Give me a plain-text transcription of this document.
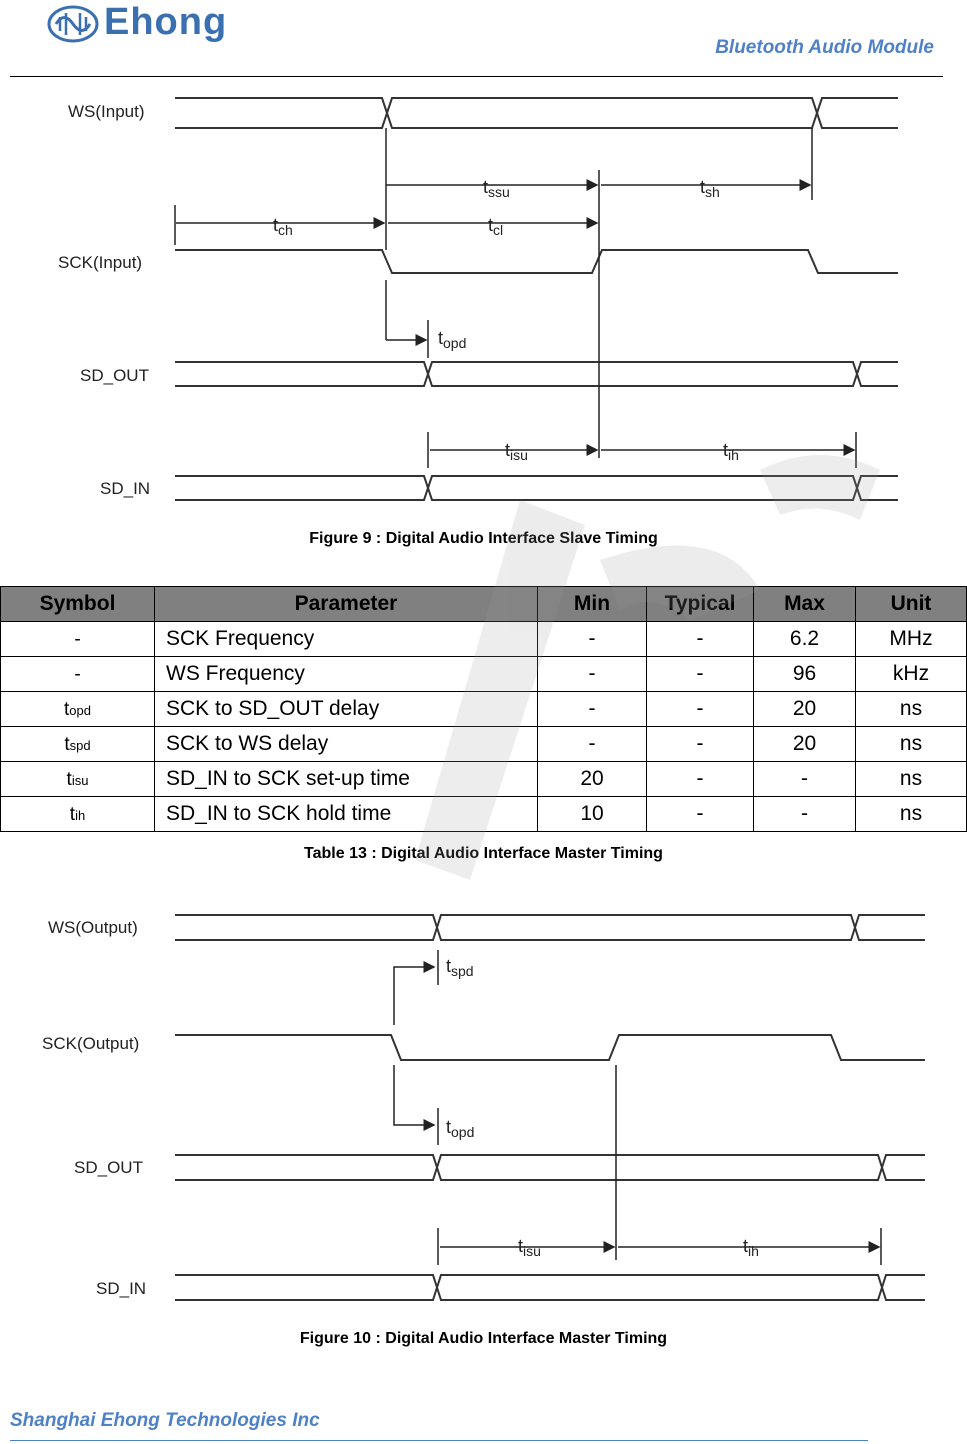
Ehong
Bluetooth Audio Module
WS(Input)
SCK(Input)
SD_OUT
SD_IN
$t_{ssu}$	$t_{sh}$
$t_{ch}$	$t_{cl}$
$t_{opd}$
$t_{isu}$	$t_{ih}$
Figure 9 : Digital Audio Interface Slave Timing
Symbol	Parameter	Min	Typical	Max	Unit
-	SCK Frequency	-	-	6.2	MHz
-	WS Frequency	-	-	96	kHz
topd	SCK to SD_OUT delay	-	-	20	ns
tspd	SCK to WS delay	-	-	20	ns
tisu	SD_IN to SCK set-up time	20	-	-	ns
tih	SD_IN to SCK hold time	10	-	-	ns
Table 13 : Digital Audio Interface Master Timing
WS(Output)
SCK(Output)
SD_OUT
SD_IN
$t_{spd}$
$t_{opd}$
$t_{isu}$	$t_{ih}$
Figure 10 : Digital Audio Interface Master Timing
Shanghai Ehong Technologies Inc
